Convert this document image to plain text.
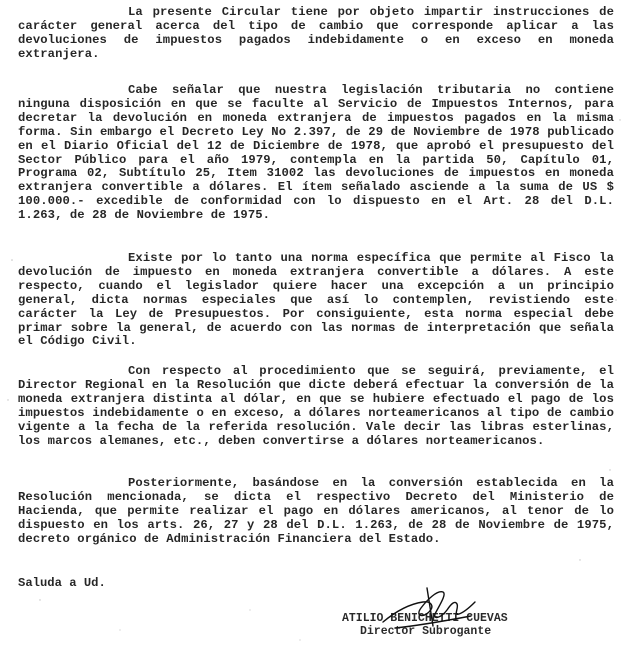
La presente Circular tiene por objeto impartir instrucciones de carácter general acerca del tipo de cambio que corresponde aplicar a las devoluciones de impuestos pagados indebidamente o en exceso en moneda extranjera.

Cabe señalar que nuestra legislación tributaria no contiene ninguna disposición en que se faculte al Servicio de Impuestos Internos, para decretar la devolución en moneda extranjera de impuestos pagados en la misma forma. Sin embargo el Decreto Ley No 2.397, de 29 de Noviembre de 1978 publicado en el Diario Oficial del 12 de Diciembre de 1978, que aprobó el presupuesto del Sector Público para el año 1979, contempla en la partida 50, Capítulo 01, Programa 02, Subtítulo 25, Item 31002 las devoluciones de impuestos en moneda extranjera convertible a dólares. El ítem señalado asciende a la suma de US $ 100.000.- excedible de conformidad con lo dispuesto en el Art. 28 del D.L. 1.263, de 28 de Noviembre de 1975.

Existe por lo tanto una norma específica que permite al Fisco la devolución de impuesto en moneda extranjera convertible a dólares. A este respecto, cuando el legislador quiere hacer una excepción a un principio general, dicta normas especiales que así lo contemplen, revistiendo este carácter la Ley de Presupuestos. Por consiguiente, esta norma especial debe primar sobre la general, de acuerdo con las normas de interpretación que señala el Código Civil.

Con respecto al procedimiento que se seguirá, previamente, el Director Regional en la Resolución que dicte deberá efectuar la conversión de la moneda extranjera distinta al dólar, en que se hubiere efectuado el pago de los impuestos indebidamente o en exceso, a dólares norteamericanos al tipo de cambio vigente a la fecha de la referida resolución. Vale decir las libras esterlinas, los marcos alemanes, etc., deben convertirse a dólares norteamericanos.

Posteriormente, basándose en la conversión establecida en la Resolución mencionada, se dicta el respectivo Decreto del Ministerio de Hacienda, que permite realizar el pago en dólares americanos, al tenor de lo dispuesto en los arts. 26, 27 y 28 del D.L. 1.263, de 28 de Noviembre de 1975, decreto orgánico de Administración Financiera del Estado.

Saluda a Ud.

ATILIO BENICHETTI CUEVAS
Director Subrogante
